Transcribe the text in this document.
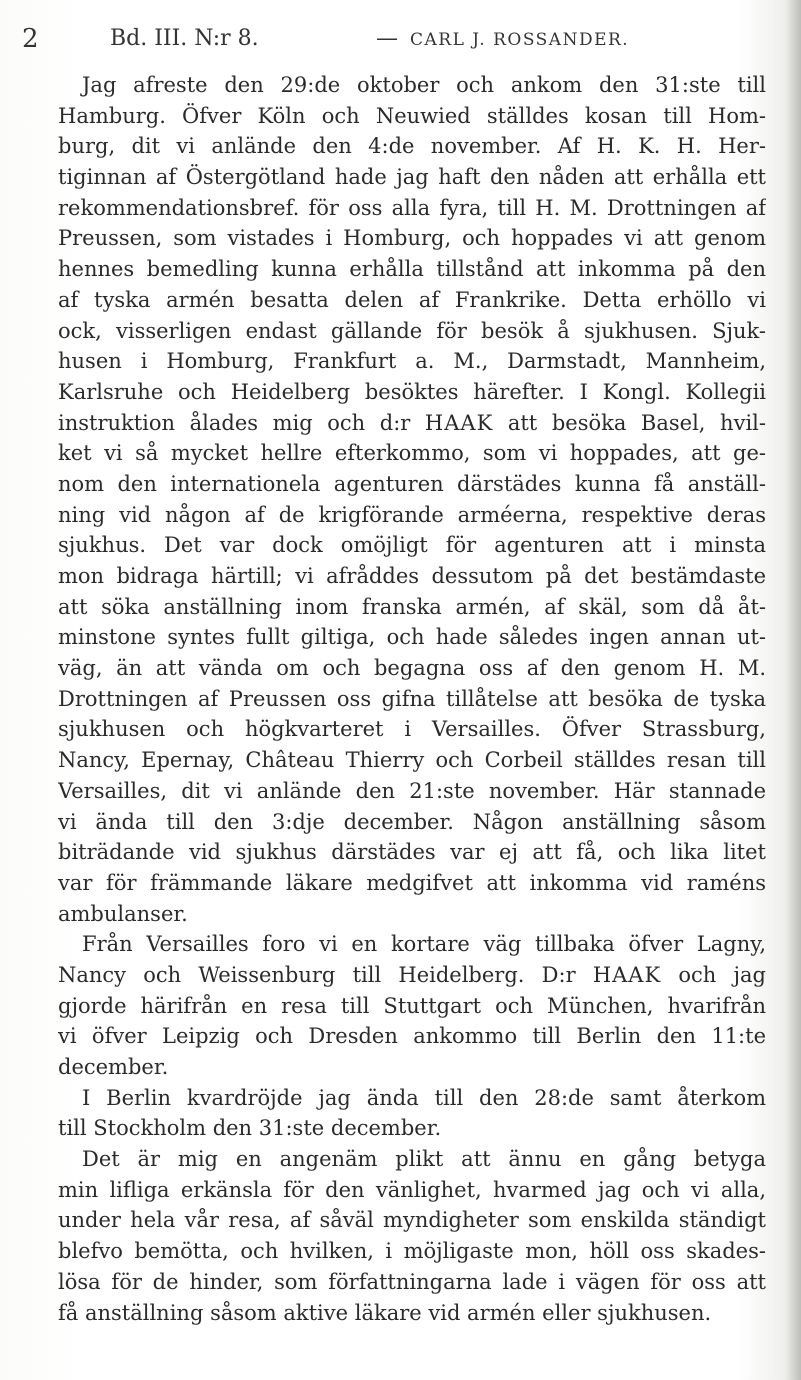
2	Bd. III. N:r 8.	— CARL J. ROSSANDER.
Jag afreste den 29:de oktober och ankom den 31:ste till
Hamburg. Öfver Köln och Neuwied ställdes kosan till Hom-
burg, dit vi anlände den 4:de november. Af H. K. H. Her-
tiginnan af Östergötland hade jag haft den nåden att erhålla ett
rekommendationsbref. för oss alla fyra, till H. M. Drottningen af
Preussen, som vistades i Homburg, och hoppades vi att genom
hennes bemedling kunna erhålla tillstånd att inkomma på den
af tyska armén besatta delen af Frankrike. Detta erhöllo vi
ock, visserligen endast gällande för besök å sjukhusen. Sjuk-
husen i Homburg, Frankfurt a. M., Darmstadt, Mannheim,
Karlsruhe och Heidelberg besöktes härefter. I Kongl. Kollegii
instruktion ålades mig och d:r HAAK att besöka Basel, hvil-
ket vi så mycket hellre efterkommo, som vi hoppades, att ge-
nom den internationela agenturen därstädes kunna få anställ-
ning vid någon af de krigförande arméerna, respektive deras
sjukhus. Det var dock omöjligt för agenturen att i minsta
mon bidraga härtill; vi afråddes dessutom på det bestämdaste
att söka anställning inom franska armén, af skäl, som då åt-
minstone syntes fullt giltiga, och hade således ingen annan ut-
väg, än att vända om och begagna oss af den genom H. M.
Drottningen af Preussen oss gifna tillåtelse att besöka de tyska
sjukhusen och högkvarteret i Versailles. Öfver Strassburg,
Nancy, Epernay, Château Thierry och Corbeil ställdes resan till
Versailles, dit vi anlände den 21:ste november. Här stannade
vi ända till den 3:dje december. Någon anställning såsom
biträdande vid sjukhus därstädes var ej att få, och lika litet
var för främmande läkare medgifvet att inkomma vid raméns
ambulanser.
Från Versailles foro vi en kortare väg tillbaka öfver Lagny,
Nancy och Weissenburg till Heidelberg. D:r HAAK och jag
gjorde härifrån en resa till Stuttgart och München, hvarifrån
vi öfver Leipzig och Dresden ankommo till Berlin den 11:te
december.
I Berlin kvardröjde jag ända till den 28:de samt återkom
till Stockholm den 31:ste december.
Det är mig en angenäm plikt att ännu en gång betyga
min lifliga erkänsla för den vänlighet, hvarmed jag och vi alla,
under hela vår resa, af såväl myndigheter som enskilda ständigt
blefvo bemötta, och hvilken, i möjligaste mon, höll oss skades-
lösa för de hinder, som författningarna lade i vägen för oss att
få anställning såsom aktive läkare vid armén eller sjukhusen.
